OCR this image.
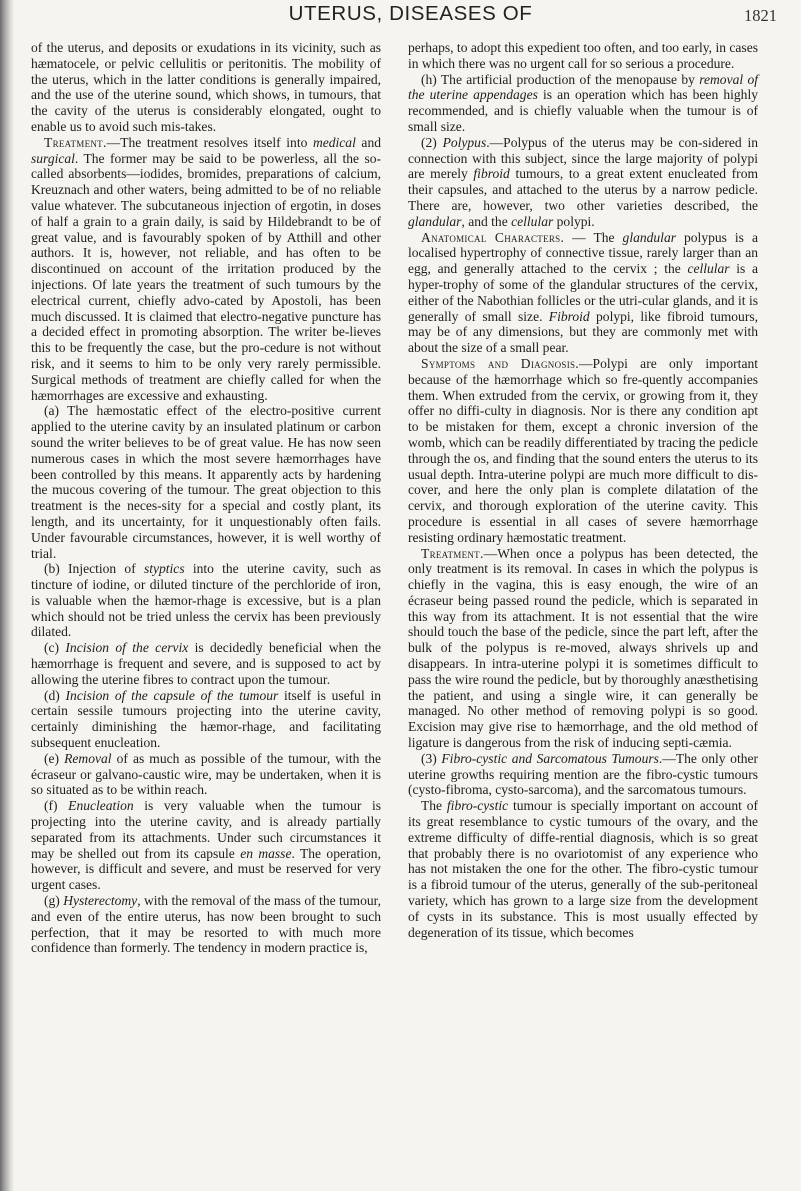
UTERUS, DISEASES OF	1821

of the uterus, and deposits or exudations in its vicinity, such as hæmatocele, or pelvic cellulitis or peritonitis. The mobility of the uterus, which in the latter conditions is generally impaired, and the use of the uterine sound, which shows, in tumours, that the cavity of the uterus is considerably elongated, ought to enable us to avoid such mis-takes.

Treatment.—The treatment resolves itself into medical and surgical. The former may be said to be powerless, all the so-called absorbents—iodides, bromides, preparations of calcium, Kreuznach and other waters, being admitted to be of no reliable value whatever. The subcutaneous injection of ergotin, in doses of half a grain to a grain daily, is said by Hildebrandt to be of great value, and is favourably spoken of by Atthill and other authors. It is, however, not reliable, and has often to be discontinued on account of the irritation produced by the injections. Of late years the treatment of such tumours by the electrical current, chiefly advo-cated by Apostoli, has been much discussed. It is claimed that electro-negative puncture has a decided effect in promoting absorption. The writer be-lieves this to be frequently the case, but the pro-cedure is not without risk, and it seems to him to be only very rarely permissible. Surgical methods of treatment are chiefly called for when the hæmorrhages are excessive and exhausting.

(a) The hæmostatic effect of the electro-positive current applied to the uterine cavity by an insulated platinum or carbon sound the writer believes to be of great value. He has now seen numerous cases in which the most severe hæmorrhages have been controlled by this means. It apparently acts by hardening the mucous covering of the tumour. The great objection to this treatment is the neces-sity for a special and costly plant, its length, and its uncertainty, for it unquestionably often fails. Under favourable circumstances, however, it is well worthy of trial.

(b) Injection of styptics into the uterine cavity, such as tincture of iodine, or diluted tincture of the perchloride of iron, is valuable when the hæmor-rhage is excessive, but is a plan which should not be tried unless the cervix has been previously dilated.

(c) Incision of the cervix is decidedly beneficial when the hæmorrhage is frequent and severe, and is supposed to act by allowing the uterine fibres to contract upon the tumour.

(d) Incision of the capsule of the tumour itself is useful in certain sessile tumours projecting into the uterine cavity, certainly diminishing the hæmor-rhage, and facilitating subsequent enucleation.

(e) Removal of as much as possible of the tumour, with the écraseur or galvano-caustic wire, may be undertaken, when it is so situated as to be within reach.

(f) Enucleation is very valuable when the tumour is projecting into the uterine cavity, and is already partially separated from its attachments. Under such circumstances it may be shelled out from its capsule en masse. The operation, however, is difficult and severe, and must be reserved for very urgent cases.

(g) Hysterectomy, with the removal of the mass of the tumour, and even of the entire uterus, has now been brought to such perfection, that it may be resorted to with much more confidence than formerly. The tendency in modern practice is,

perhaps, to adopt this expedient too often, and too early, in cases in which there was no urgent call for so serious a procedure.

(h) The artificial production of the menopause by removal of the uterine appendages is an operation which has been highly recommended, and is chiefly valuable when the tumour is of small size.

(2) Polypus.—Polypus of the uterus may be con-sidered in connection with this subject, since the large majority of polypi are merely fibroid tumours, to a great extent enucleated from their capsules, and attached to the uterus by a narrow pedicle. There are, however, two other varieties described, the glandular, and the cellular polypi.

Anatomical Characters. — The glandular polypus is a localised hypertrophy of connective tissue, rarely larger than an egg, and generally attached to the cervix ; the cellular is a hyper-trophy of some of the glandular structures of the cervix, either of the Nabothian follicles or the utri-cular glands, and it is generally of small size. Fibroid polypi, like fibroid tumours, may be of any dimensions, but they are commonly met with about the size of a small pear.

Symptoms and Diagnosis.—Polypi are only important because of the hæmorrhage which so fre-quently accompanies them. When extruded from the cervix, or growing from it, they offer no diffi-culty in diagnosis. Nor is there any condition apt to be mistaken for them, except a chronic inversion of the womb, which can be readily differentiated by tracing the pedicle through the os, and finding that the sound enters the uterus to its usual depth. Intra-uterine polypi are much more difficult to dis-cover, and here the only plan is complete dilatation of the cervix, and thorough exploration of the uterine cavity. This procedure is essential in all cases of severe hæmorrhage resisting ordinary hæmostatic treatment.

Treatment.—When once a polypus has been detected, the only treatment is its removal. In cases in which the polypus is chiefly in the vagina, this is easy enough, the wire of an écraseur being passed round the pedicle, which is separated in this way from its attachment. It is not essential that the wire should touch the base of the pedicle, since the part left, after the bulk of the polypus is re-moved, always shrivels up and disappears. In intra-uterine polypi it is sometimes difficult to pass the wire round the pedicle, but by thoroughly anæsthetising the patient, and using a single wire, it can generally be managed. No other method of removing polypi is so good. Excision may give rise to hæmorrhage, and the old method of ligature is dangerous from the risk of inducing septi-cæmia.

(3) Fibro-cystic and Sarcomatous Tumours.—The only other uterine growths requiring mention are the fibro-cystic tumours (cysto-fibroma, cysto-sarcoma), and the sarcomatous tumours.

The fibro-cystic tumour is specially important on account of its great resemblance to cystic tumours of the ovary, and the extreme difficulty of diffe-rential diagnosis, which is so great that probably there is no ovariotomist of any experience who has not mistaken the one for the other. The fibro-cystic tumour is a fibroid tumour of the uterus, generally of the sub-peritoneal variety, which has grown to a large size from the development of cysts in its substance. This is most usually effected by degeneration of its tissue, which becomes
